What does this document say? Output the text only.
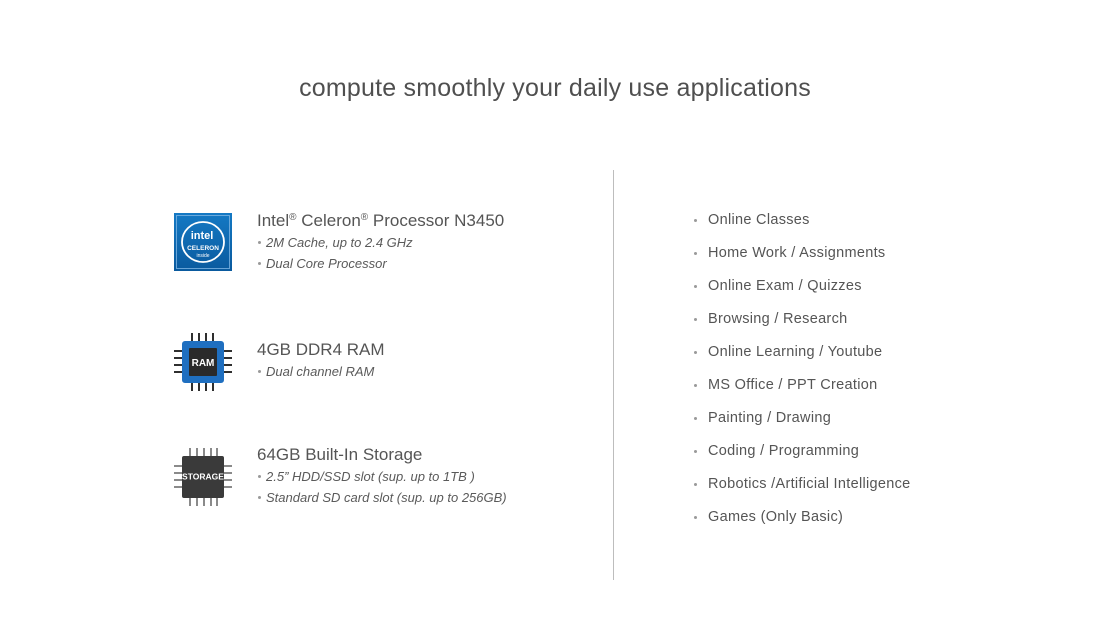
compute smoothly your daily use applications
intel
CELERON
inside
Intel® Celeron® Processor N3450
2M Cache, up to 2.4 GHz
Dual Core Processor
RAM
4GB DDR4 RAM
Dual channel RAM
STORAGE
64GB Built-In Storage
2.5” HDD/SSD slot (sup. up to 1TB )
Standard SD card slot (sup. up to 256GB)
Online Classes
Home Work / Assignments
Online Exam / Quizzes
Browsing / Research
Online Learning / Youtube
MS Office / PPT Creation
Painting / Drawing
Coding / Programming
Robotics /Artificial Intelligence
Games (Only Basic)
